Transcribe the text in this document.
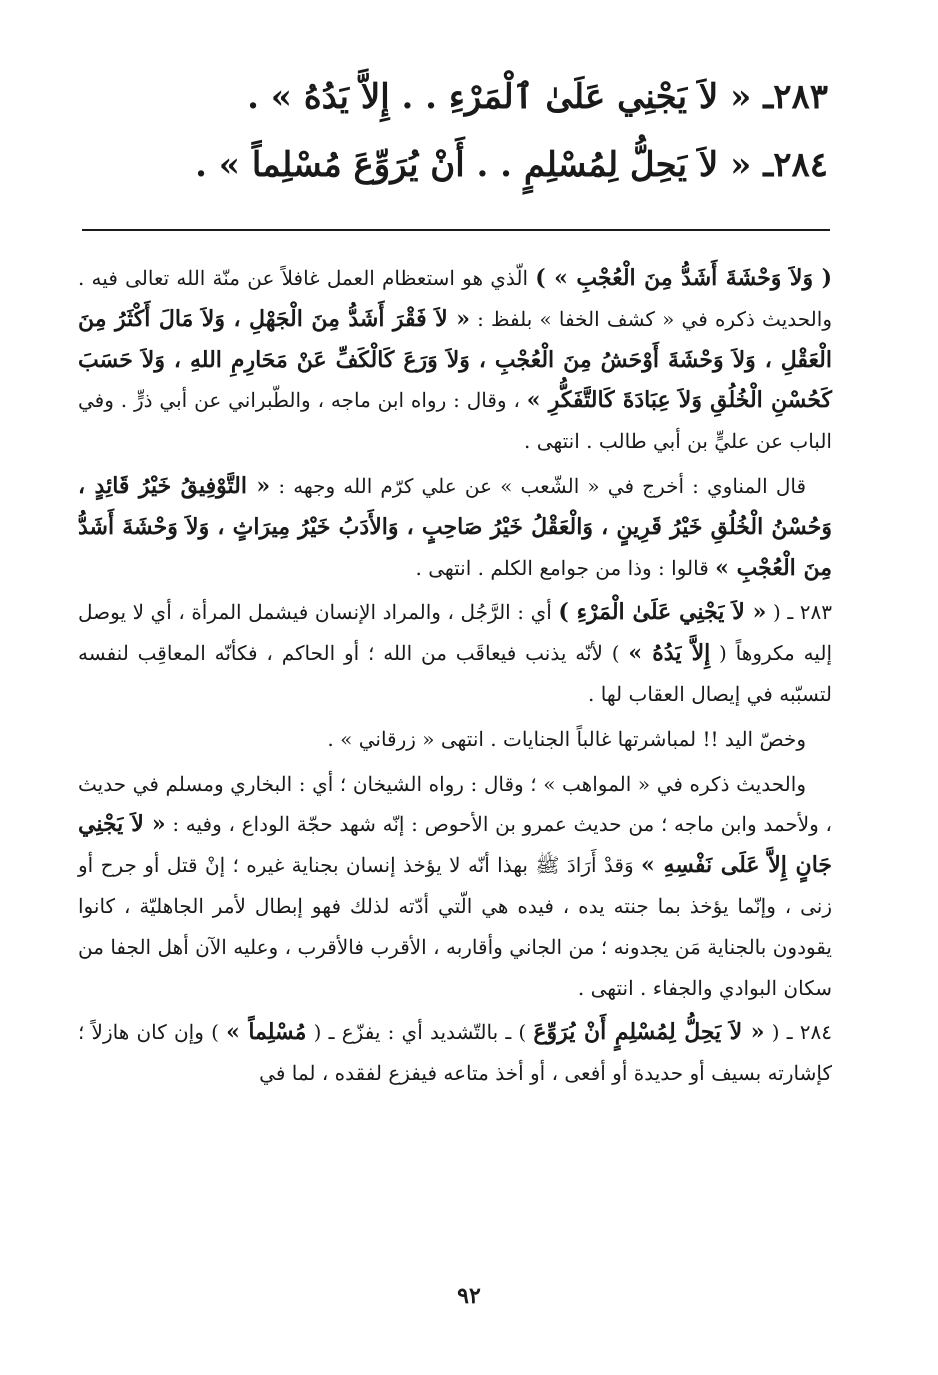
٢٨٣ـ « لاَ يَجْنِي عَلَىٰ ٱلْمَرْءِ . . إِلاَّ يَدُهُ » .
٢٨٤ـ « لاَ يَحِلُّ لِمُسْلِمٍ . . أَنْ يُرَوِّعَ مُسْلِماً » .

( وَلاَ وَحْشَةَ أَشَدُّ مِنَ الْعُجْبِ » ) الّذي هو استعظام العمل غافلاً عن منّة الله تعالى فيه . والحديث ذكره في « كشف الخفا » بلفظ : « لاَ فَقْرَ أَشَدُّ مِنَ الْجَهْلِ ، وَلاَ مَالَ أَكْثَرُ مِنَ الْعَقْلِ ، وَلاَ وَحْشَةَ أَوْحَشُ مِنَ الْعُجْبِ ، وَلاَ وَرَعَ كَالْكَفِّ عَنْ مَحَارِمِ اللهِ ، وَلاَ حَسَبَ كَحُسْنِ الْخُلُقِ وَلاَ عِبَادَةَ كَالتَّفَكُّرِ » ، وقال : رواه ابن ماجه ، والطّبراني عن أبي ذرٍّ . وفي الباب عن عليٍّ بن أبي طالب . انتهى .

قال المناوي : أخرج في « الشّعب » عن علي كرّم الله وجهه : « التَّوْفِيقُ خَيْرُ قَائِدٍ ، وَحُسْنُ الْخُلُقِ خَيْرُ قَرِينٍ ، وَالْعَقْلُ خَيْرُ صَاحِبٍ ، وَالأَدَبُ خَيْرُ مِيرَاثٍ ، وَلاَ وَحْشَةَ أَشَدُّ مِنَ الْعُجْبِ » قالوا : وذا من جوامع الكلم . انتهى .

٢٨٣ ـ ( « لاَ يَجْنِي عَلَىٰ الْمَرْءِ ) أي : الرَّجُل ، والمراد الإنسان فيشمل المرأة ، أي لا يوصل إليه مكروهاً ( إِلاَّ يَدُهُ » ) لأنّه يذنب فيعاقَب من الله ؛ أو الحاكم ، فكأنّه المعاقِب لنفسه لتسبّبه في إيصال العقاب لها .

وخصّ اليد !! لمباشرتها غالباً الجنايات . انتهى « زرقاني » .

والحديث ذكره في « المواهب » ؛ وقال : رواه الشيخان ؛ أي : البخاري ومسلم في حديث ، ولأحمد وابن ماجه ؛ من حديث عمرو بن الأحوص : إنّه شهد حجّة الوداع ، وفيه : « لاَ يَجْنِي جَانٍ إِلاَّ عَلَى نَفْسِهِ » وَقدْ أَرَادَ ﷺ بهذا أنّه لا يؤخذ إنسان بجناية غيره ؛ إنْ قتل أو جرح أو زنى ، وإنّما يؤخذ بما جنته يده ، فيده هي الّتي أدّته لذلك فهو إبطال لأمر الجاهليّة ، كانوا يقودون بالجناية مَن يجدونه ؛ من الجاني وأقاربه ، الأقرب فالأقرب ، وعليه الآن أهل الجفا من سكان البوادي والجفاء . انتهى .

٢٨٤ ـ ( « لاَ يَحِلُّ لِمُسْلِمٍ أَنْ يُرَوِّعَ ) ـ بالتّشديد أي : يفزّع ـ ( مُسْلِماً » ) وإن كان هازلاً ؛ كإشارته بسيف أو حديدة أو أفعى ، أو أخذ متاعه فيفزع لفقده ، لما في

٩٢
